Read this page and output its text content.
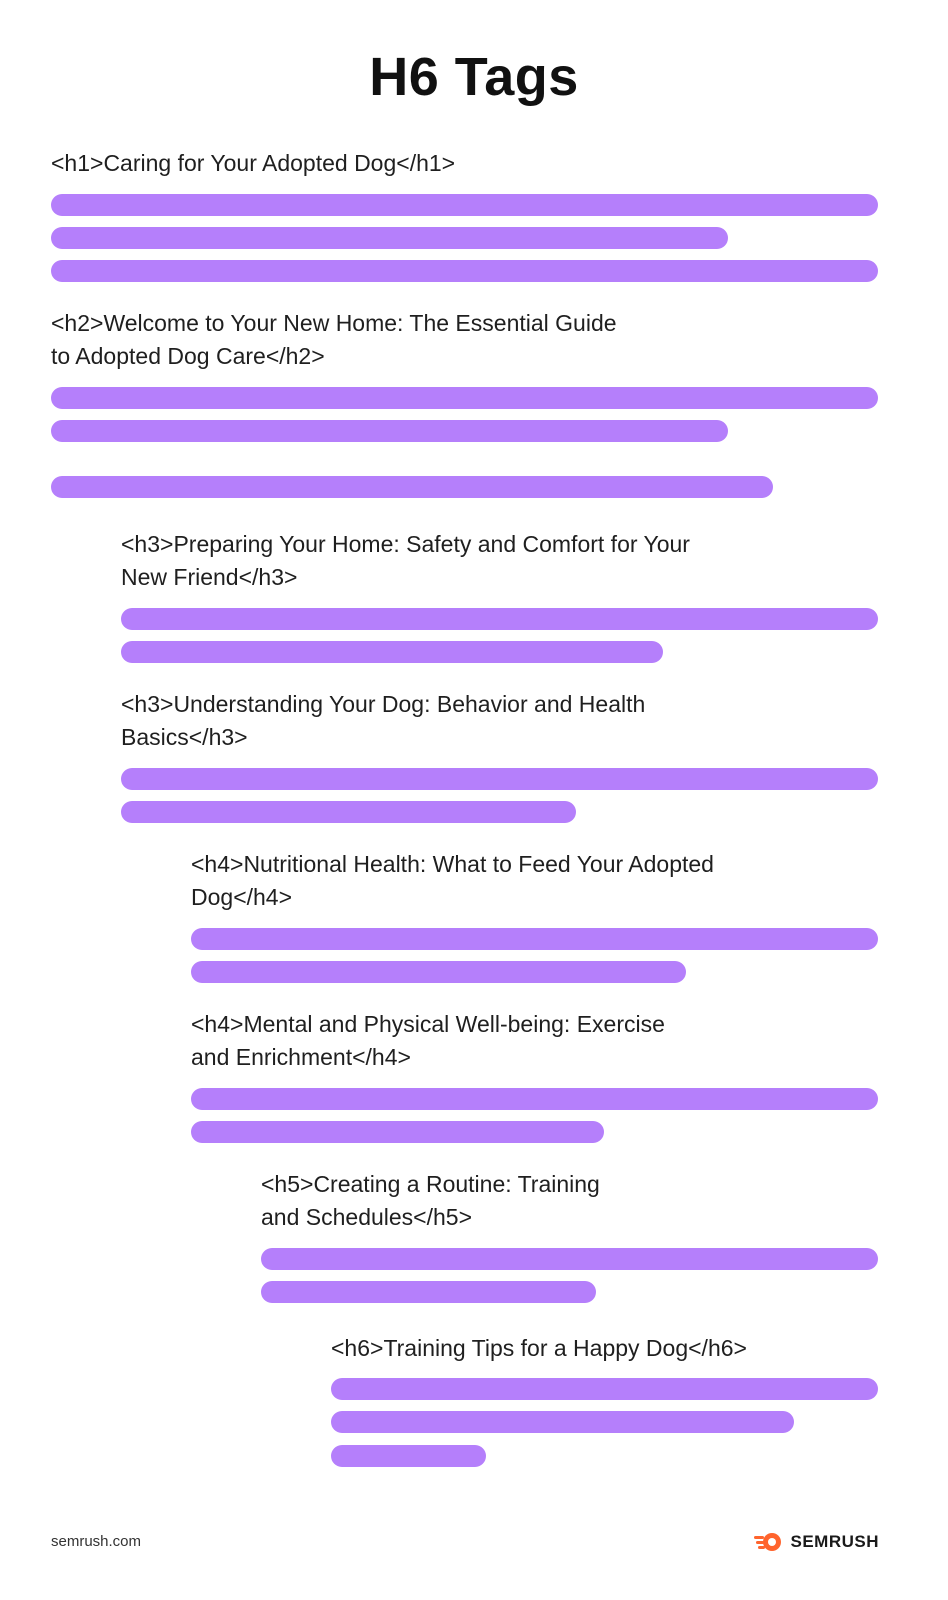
H6 Tags
<h1>Caring for Your Adopted Dog</h1>
<h2>Welcome to Your New Home: The Essential Guide
to Adopted Dog Care</h2>
<h3>Preparing Your Home: Safety and Comfort for Your
New Friend</h3>
<h3>Understanding Your Dog: Behavior and Health
Basics</h3>
<h4>Nutritional Health: What to Feed Your Adopted
Dog</h4>
<h4>Mental and Physical Well-being: Exercise
and Enrichment</h4>
<h5>Creating a Routine: Training
and Schedules</h5>
<h6>Training Tips for a Happy Dog</h6>
semrush.com	SEMRUSH
